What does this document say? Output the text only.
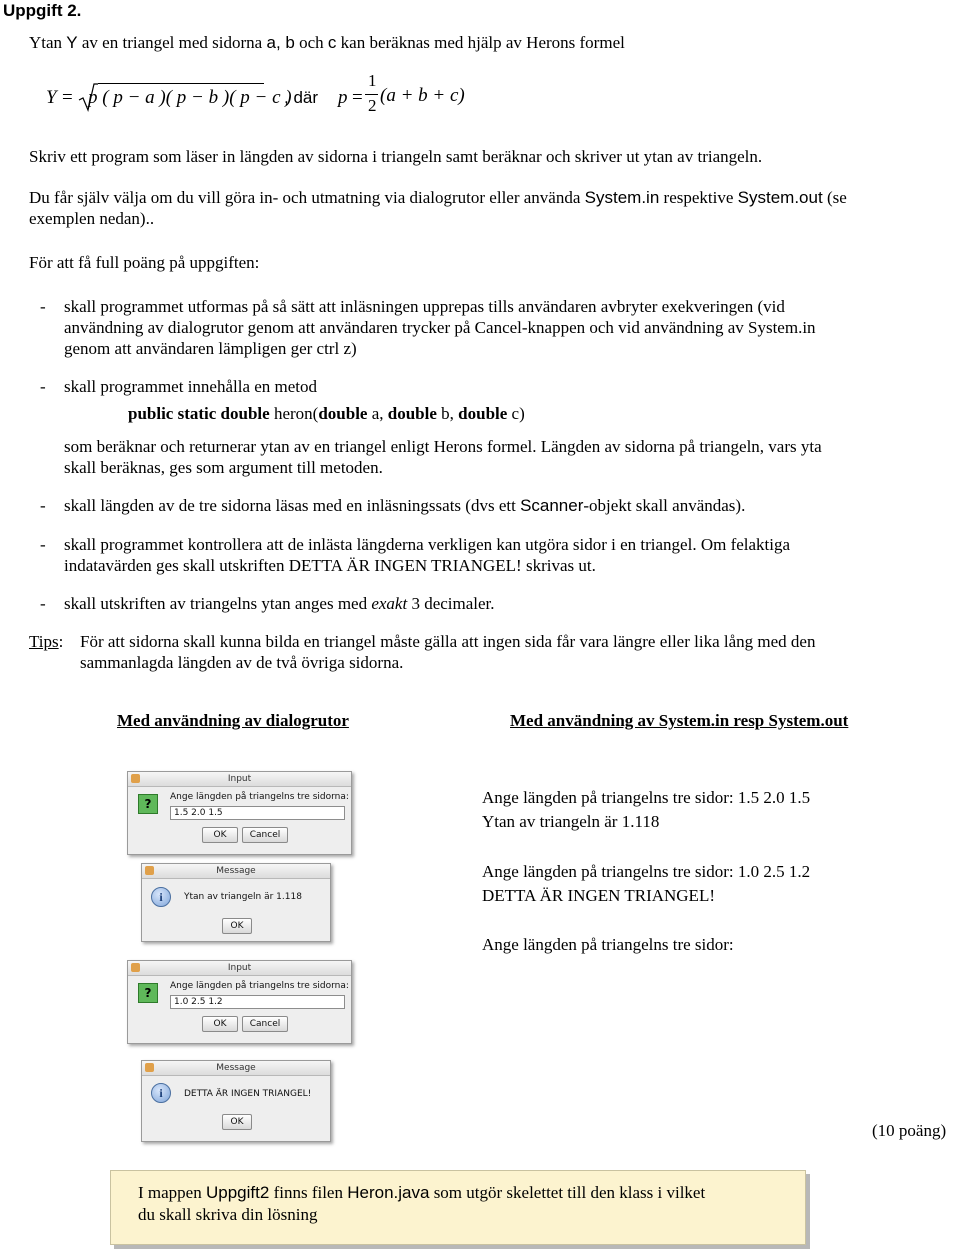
Uppgift 2.
Ytan Y av en triangel med sidorna a, b och c kan beräknas med hjälp av Herons formel
Y = p ( p − a )( p − b )( p − c )
, där p =
1
2 (a + b + c)
Skriv ett program som läser in längden av sidorna i triangeln samt beräknar och skriver ut ytan av triangeln.
Du får själv välja om du vill göra in- och utmatning via dialogrutor eller använda System.in respektive System.out (se
exemplen nedan)..
För att få full poäng på uppgiften:
- skall programmet utformas på så sätt att inläsningen upprepas tills användaren avbryter exekveringen (vid
användning av dialogrutor genom att användaren trycker på Cancel-knappen och vid användning av System.in
genom att användaren lämpligen ger ctrl z)
- skall programmet innehålla en metod
public static double heron(double a, double b, double c)
som beräknar och returnerar ytan av en triangel enligt Herons formel. Längden av sidorna på triangeln, vars yta
skall beräknas, ges som argument till metoden.
- skall längden av de tre sidorna läsas med en inläsningssats (dvs ett Scanner-objekt skall användas).
- skall programmet kontrollera att de inlästa längderna verkligen kan utgöra sidor i en triangel. Om felaktiga
indatavärden ges skall utskriften DETTA ÄR INGEN TRIANGEL! skrivas ut.
- skall utskriften av triangelns ytan anges med exakt 3 decimaler.
Tips: För att sidorna skall kunna bilda en triangel måste gälla att ingen sida får vara längre eller lika lång med den
sammanlagda längden av de två övriga sidorna.
Med användning av dialogrutor	Med användning av System.in resp System.out
Input
?	Ange längden på triangelns tre sidorna:
1.5 2.0 1.5
OK	Cancel
Message
i	Ytan av triangeln är 1.118
OK
Input
?	Ange längden på triangelns tre sidorna:
1.0 2.5 1.2
OK	Cancel
Message
i	DETTA ÄR INGEN TRIANGEL!
OK
Ange längden på triangelns tre sidor: 1.5 2.0 1.5
Ytan av triangeln är 1.118
Ange längden på triangelns tre sidor: 1.0 2.5 1.2
DETTA ÄR INGEN TRIANGEL!
Ange längden på triangelns tre sidor:
(10 poäng)
I mappen Uppgift2 finns filen Heron.java som utgör skelettet till den klass i vilket
du skall skriva din lösning
